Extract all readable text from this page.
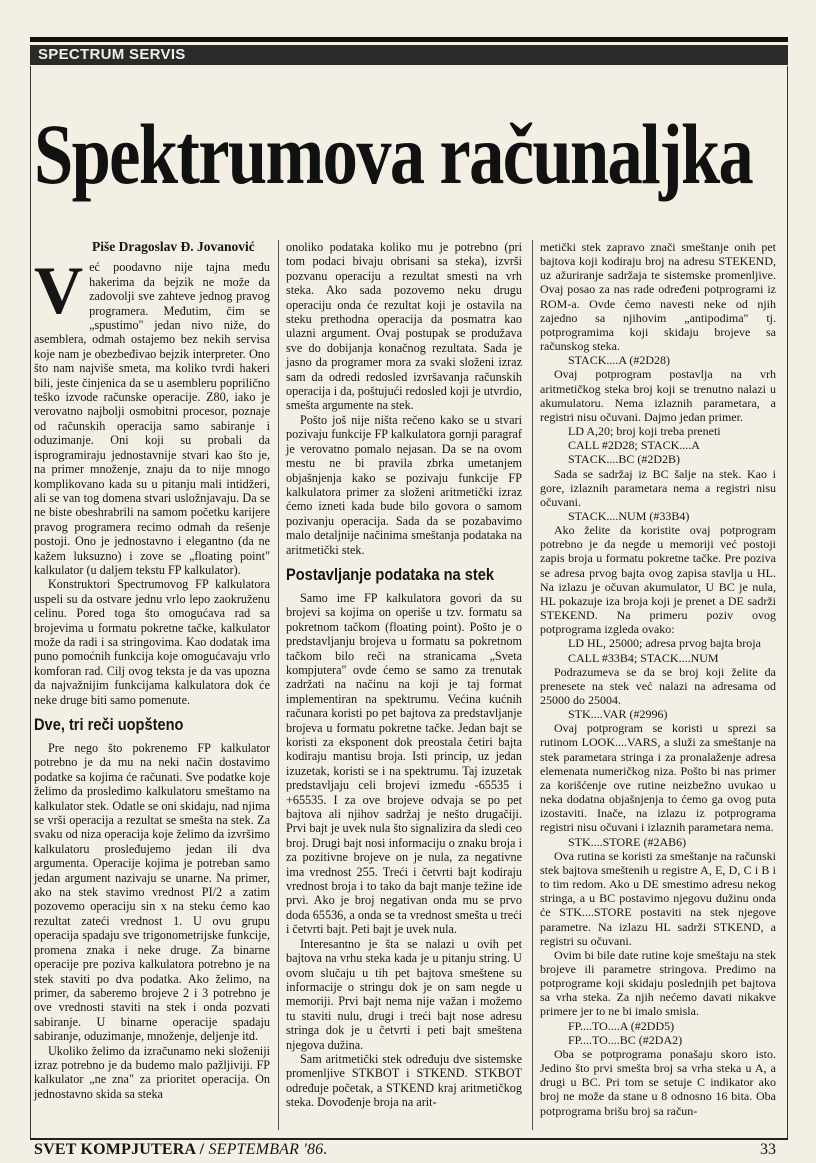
SPECTRUM SERVIS
Spektrumova računaljka

Piše Dragoslav Đ. Jovanović

Već poodavno nije tajna među hakerima da bejzik ne može da zadovolji sve zahteve jednog pravog programera. Međutim, čim se „spustimo" jedan nivo niže, do asemblera, odmah ostajemo bez nekih servisa koje nam je obezbeđivao bejzik interpreter. Ono što nam najviše smeta, ma koliko tvrdi hakeri bili, jeste činjenica da se u asembleru poprilično teško izvode računske operacije. Z80, iako je verovatno najbolji osmobitni procesor, poznaje od računskih operacija samo sabiranje i oduzimanje. Oni koji su probali da isprogramiraju jednostavnije stvari kao što je, na primer množenje, znaju da to nije mnogo komplikovano kada su u pitanju mali intidžeri, ali se van tog domena stvari usložnjavaju. Da se ne biste obeshrabrili na samom početku karijere pravog programera recimo odmah da rešenje postoji. Ono je jednostavno i elegantno (da ne kažem luksuzno) i zove se „floating point" kalkulator (u daljem tekstu FP kalkulator).

Konstruktori Spectrumovog FP kalkulatora uspeli su da ostvare jednu vrlo lepo zaokruženu celinu. Pored toga što omogućava rad sa brojevima u formatu pokretne tačke, kalkulator može da radi i sa stringovima. Kao dodatak ima puno pomoćnih funkcija koje omogućavaju vrlo komforan rad. Cilj ovog teksta je da vas upozna da najvažnijim funkcijama kalkulatora dok će neke druge biti samo pomenute.

Dve, tri reči uopšteno

Pre nego što pokrenemo FP kalkulator potrebno je da mu na neki način dostavimo podatke sa kojima će računati. Sve podatke koje želimo da prosledimo kalkulatoru smeštamo na kalkulator stek. Odatle se oni skidaju, nad njima se vrši operacija a rezultat se smešta na stek. Za svaku od niza operacija koje želimo da izvršimo kalkulatoru prosleđujemo jedan ili dva argumenta. Operacije kojima je potreban samo jedan argument nazivaju se unarne. Na primer, ako na stek stavimo vrednost PI/2 a zatim pozovemo operaciju sin x na steku ćemo kao rezultat zateći vrednost 1. U ovu grupu operacija spadaju sve trigonometrijske funkcije, promena znaka i neke druge. Za binarne operacije pre poziva kalkulatora potrebno je na stek staviti po dva podatka. Ako želimo, na primer, da saberemo brojeve 2 i 3 potrebno je ove vrednosti staviti na stek i onda pozvati sabiranje. U binarne operacije spadaju sabiranje, oduzimanje, množenje, deljenje itd.

Ukoliko želimo da izračunamo neki složeniji izraz potrebno je da budemo malo pažljiviji. FP kalkulator „ne zna" za prioritet operacija. On jednostavno skida sa steka

onoliko podataka koliko mu je potrebno (pri tom podaci bivaju obrisani sa steka), izvrši pozvanu operaciju a rezultat smesti na vrh steka. Ako sada pozovemo neku drugu operaciju onda će rezultat koji je ostavila na steku prethodna operacija da posmatra kao ulazni argument. Ovaj postupak se produžava sve do dobijanja konačnog rezultata. Sada je jasno da programer mora za svaki složeni izraz sam da odredi redosled izvršavanja računskih operacija i da, poštujući redosled koji je utvrdio, smešta argumente na stek.

Pošto još nije ništa rečeno kako se u stvari pozivaju funkcije FP kalkulatora gornji paragraf je verovatno pomalo nejasan. Da se na ovom mestu ne bi pravila zbrka umetanjem objašnjenja kako se pozivaju funkcije FP kalkulatora primer za složeni aritmetički izraz ćemo izneti kada bude bilo govora o samom pozivanju operacija. Sada da se pozabavimo malo detaljnije načinima smeštanja podataka na aritmetički stek.

Postavljanje podataka na stek

Samo ime FP kalkulatora govori da su brojevi sa kojima on operiše u tzv. formatu sa pokretnom tačkom (floating point). Pošto je o predstavljanju brojeva u formatu sa pokretnom tačkom bilo reči na stranicama „Sveta kompjutera" ovde ćemo se samo za trenutak zadržati na načinu na koji je taj format implementiran na spektrumu. Većina kućnih računara koristi po pet bajtova za predstavljanje brojeva u formatu pokretne tačke. Jedan bajt se koristi za eksponent dok preostala četiri bajta kodiraju mantisu broja. Isti princip, uz jedan izuzetak, koristi se i na spektrumu. Taj izuzetak predstavljaju celi brojevi između -65535 i +65535. I za ove brojeve odvaja se po pet bajtova ali njihov sadržaj je nešto drugačiji. Prvi bajt je uvek nula što signalizira da sledi ceo broj. Drugi bajt nosi informaciju o znaku broja i za pozitivne brojeve on je nula, za negativne ima vrednost 255. Treći i četvrti bajt kodiraju vrednost broja i to tako da bajt manje težine ide prvi. Ako je broj negativan onda mu se prvo doda 65536, a onda se ta vrednost smešta u treći i četvrti bajt. Peti bajt je uvek nula.

Interesantno je šta se nalazi u ovih pet bajtova na vrhu steka kada je u pitanju string. U ovom slučaju u tih pet bajtova smeštene su informacije o stringu dok je on sam negde u memoriji. Prvi bajt nema nije važan i možemo tu staviti nulu, drugi i treći bajt nose adresu stringa dok je u četvrti i peti bajt smeštena njegova dužina.

Sam aritmetički stek određuju dve sistemske promenljive STKBOT i STKEND. STKBOT određuje početak, a STKEND kraj aritmetičkog steka. Dovođenje broja na arit-

metički stek zapravo znači smeštanje onih pet bajtova koji kodiraju broj na adresu STEKEND, uz ažuriranje sadržaja te sistemske promenljive. Ovaj posao za nas rade određeni potprogrami iz ROM-a. Ovde ćemo navesti neke od njih zajedno sa njihovim „antipodima" tj. potprogramima koji skidaju brojeve sa računskog steka.

STACK....A (#2D28)

Ovaj potprogram postavlja na vrh aritmetičkog steka broj koji se trenutno nalazi u akumulatoru. Nema izlaznih parametara, a registri nisu očuvani. Dajmo jedan primer.

LD A,20; broj koji treba preneti

CALL #2D28; STACK....A

STACK....BC (#2D2B)

Sada se sadržaj iz BC šalje na stek. Kao i gore, izlaznih parametara nema a registri nisu očuvani.

STACK....NUM (#33B4)

Ako želite da koristite ovaj potprogram potrebno je da negde u memoriji već postoji zapis broja u formatu pokretne tačke. Pre poziva se adresa prvog bajta ovog zapisa stavlja u HL. Na izlazu je očuvan akumulator, U BC je nula, HL pokazuje iza broja koji je prenet a DE sadrži STEKEND. Na primeru poziv ovog potprograma izgleda ovako:

LD HL, 25000; adresa prvog bajta broja

CALL #33B4; STACK....NUM

Podrazumeva se da se broj koji želite da prenesete na stek već nalazi na adresama od 25000 do 25004.

STK....VAR (#2996)

Ovaj potprogram se koristi u sprezi sa rutinom LOOK....VARS, a služi za smeštanje na stek parametara stringa i za pronalaženje adresa elemenata numeričkog niza. Pošto bi nas primer za korišćenje ove rutine neizbežno uvukao u neka dodatna objašnjenja to ćemo ga ovog puta izostaviti. Inače, na izlazu iz potprograma registri nisu očuvani i izlaznih parametara nema.

STK....STORE (#2AB6)

Ova rutina se koristi za smeštanje na računski stek bajtova smeštenih u registre A, E, D, C i B i to tim redom. Ako u DE smestimo adresu nekog stringa, a u BC postavimo njegovu dužinu onda će STK....STORE postaviti na stek njegove parametre. Na izlazu HL sadrži STKEND, a registri su očuvani.

Ovim bi bile date rutine koje smeštaju na stek brojeve ili parametre stringova. Predimo na potprograme koji skidaju poslednjih pet bajtova sa vrha steka. Za njih nećemo davati nikakve primere jer to ne bi imalo smisla.

FP....TO....A (#2DD5)

FP....TO....BC (#2DA2)

Oba se potprograma ponašaju skoro isto. Jedino što prvi smešta broj sa vrha steka u A, a drugi u BC. Pri tom se setuje C indikator ako broj ne može da stane u 8 odnosno 16 bita. Oba potprograma brišu broj sa račun-

SVET KOMPJUTERA / SEPTEMBAR '86.	33
